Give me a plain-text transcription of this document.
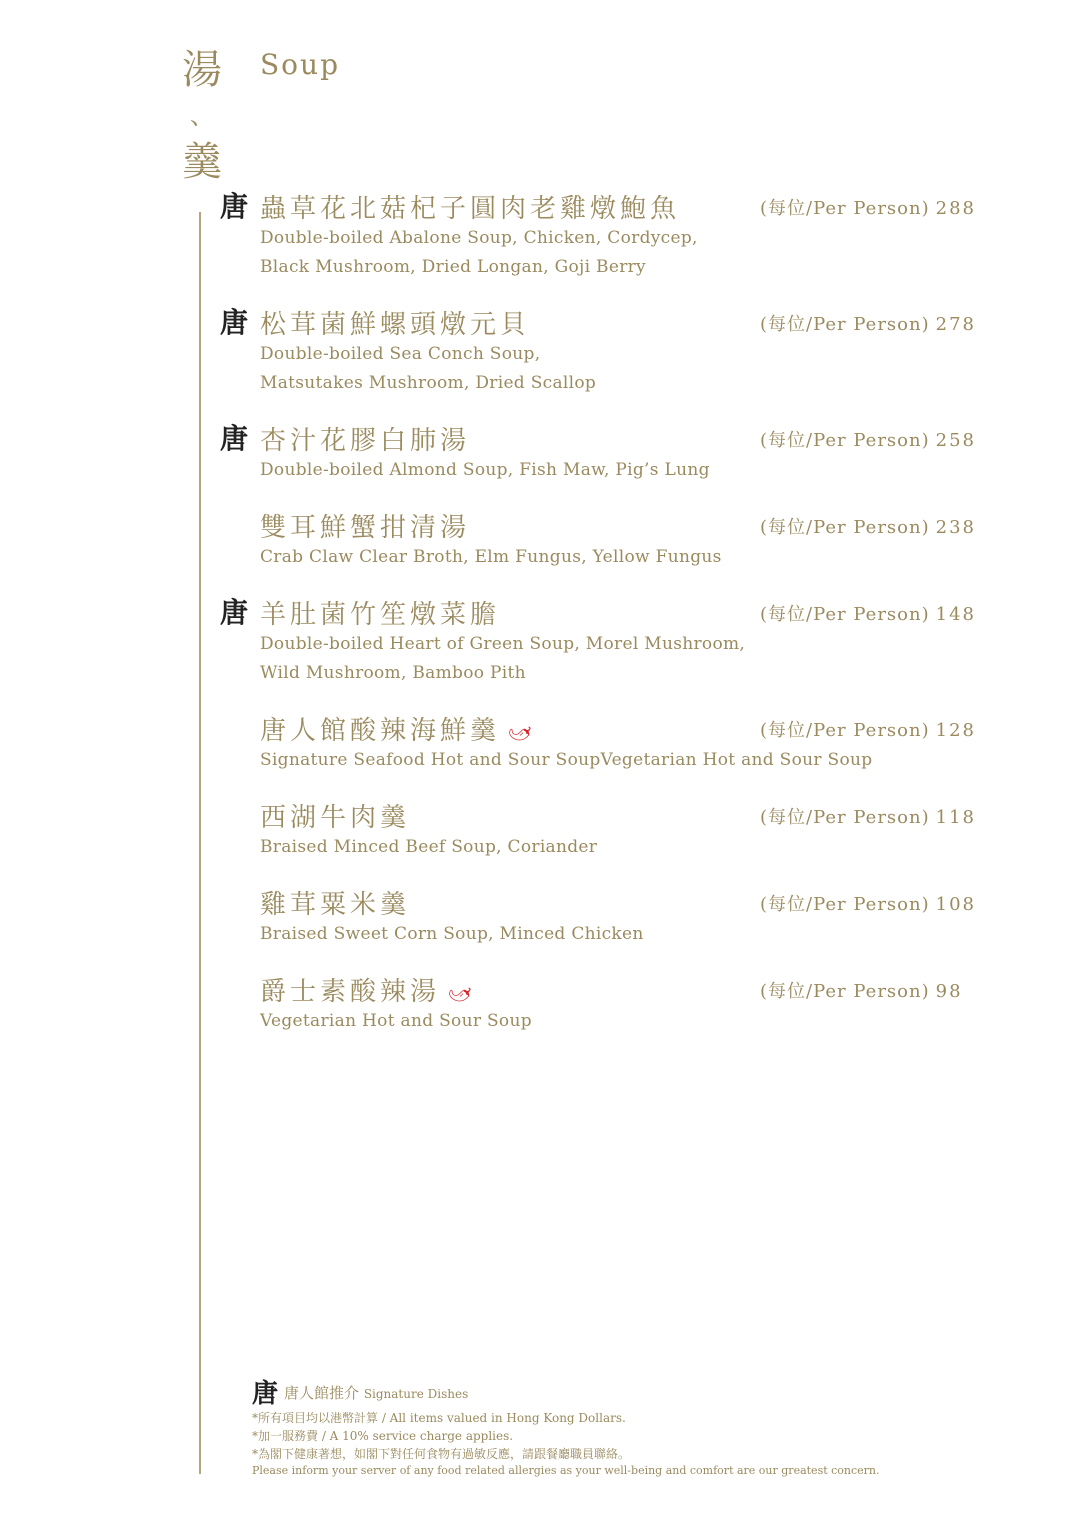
湯
、
羹
Soup
唐 蟲草花北菇杞子圓肉老雞燉鮑魚	(每位/Per Person) 288
Double-boiled Abalone Soup, Chicken, Cordycep,
Black Mushroom, Dried Longan, Goji Berry
唐 松茸菌鮮螺頭燉元貝	(每位/Per Person) 278
Double-boiled Sea Conch Soup,
Matsutakes Mushroom, Dried Scallop
唐 杏汁花膠白肺湯	(每位/Per Person) 258
Double-boiled Almond Soup, Fish Maw, Pig’s Lung
雙耳鮮蟹拑清湯	(每位/Per Person) 238
Crab Claw Clear Broth, Elm Fungus, Yellow Fungus
唐 羊肚菌竹笙燉菜膽	(每位/Per Person) 148
Double-boiled Heart of Green Soup, Morel Mushroom,
Wild Mushroom, Bamboo Pith
唐人館酸辣海鮮羹 🌶	(每位/Per Person) 128
Signature Seafood Hot and Sour SoupVegetarian Hot and Sour Soup
西湖牛肉羹	(每位/Per Person) 118
Braised Minced Beef Soup, Coriander
雞茸粟米羹	(每位/Per Person) 108
Braised Sweet Corn Soup, Minced Chicken
爵士素酸辣湯 🌶	(每位/Per Person) 98
Vegetarian Hot and Sour Soup
唐唐人館推介 Signature Dishes
*所有項目均以港幣計算 / All items valued in Hong Kong Dollars.
*加一服務費 / A 10% service charge applies.
*為閣下健康著想，如閣下對任何食物有過敏反應，請跟餐廳職員聯絡。
Please inform your server of any food related allergies as your well-being and comfort are our greatest concern.
